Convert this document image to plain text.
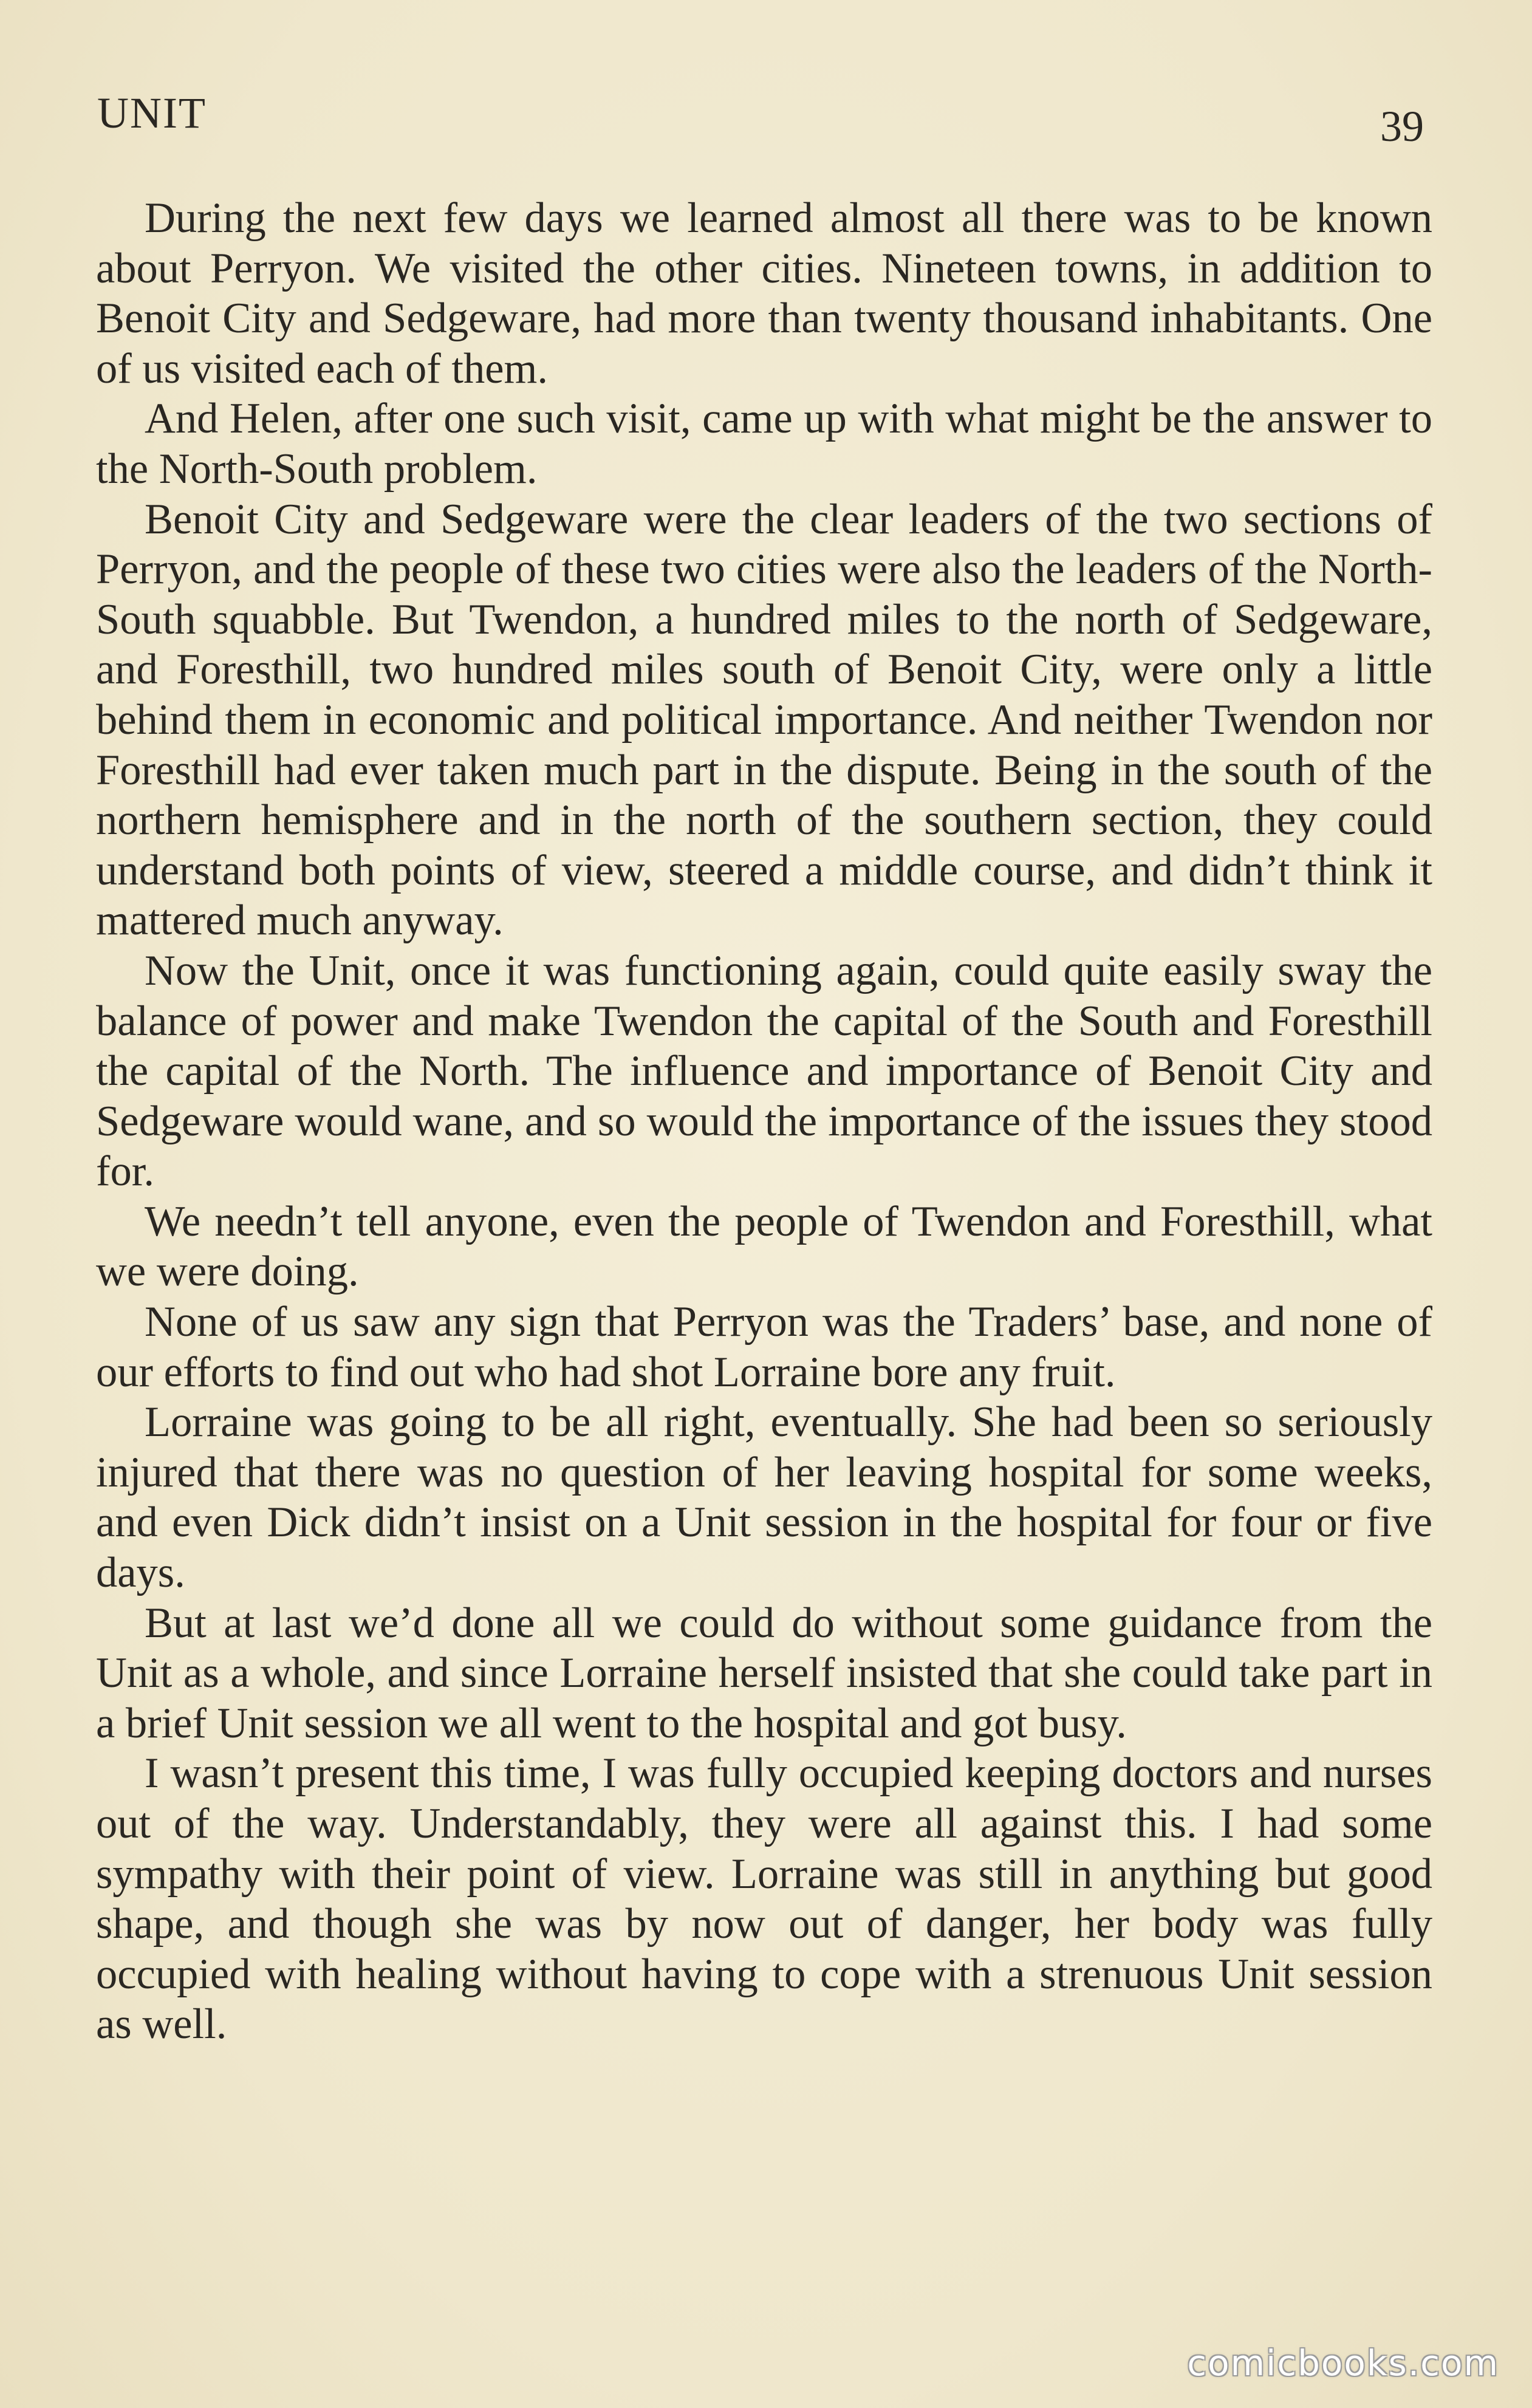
UNIT	39

During the next few days we learned almost all there was to be known about Perryon. We visited the other cities. Nineteen towns, in addition to Benoit City and Sedgeware, had more than twenty thousand inhabitants. One of us visited each of them.

And Helen, after one such visit, came up with what might be the answer to the North-South problem.

Benoit City and Sedgeware were the clear leaders of the two sections of Perryon, and the people of these two cities were also the leaders of the North-South squabble. But Twendon, a hundred miles to the north of Sedgeware, and Foresthill, two hundred miles south of Benoit City, were only a little behind them in economic and political importance. And neither Twendon nor Foresthill had ever taken much part in the dispute. Being in the south of the northern hemisphere and in the north of the southern section, they could understand both points of view, steered a middle course, and didn’t think it mattered much anyway.

Now the Unit, once it was functioning again, could quite easily sway the balance of power and make Twendon the capital of the South and Foresthill the capital of the North. The influence and importance of Benoit City and Sedgeware would wane, and so would the importance of the issues they stood for.

We needn’t tell anyone, even the people of Twendon and Foresthill, what we were doing.

None of us saw any sign that Perryon was the Traders’ base, and none of our efforts to find out who had shot Lorraine bore any fruit.

Lorraine was going to be all right, eventually. She had been so seriously injured that there was no question of her leaving hospital for some weeks, and even Dick didn’t insist on a Unit session in the hospital for four or five days.

But at last we’d done all we could do without some guidance from the Unit as a whole, and since Lorraine herself insisted that she could take part in a brief Unit session we all went to the hospital and got busy.

I wasn’t present this time, I was fully occupied keeping doctors and nurses out of the way. Understandably, they were all against this. I had some sympathy with their point of view. Lorraine was still in anything but good shape, and though she was by now out of danger, her body was fully occupied with healing without having to cope with a strenuous Unit session as well.

comicbooks.com
